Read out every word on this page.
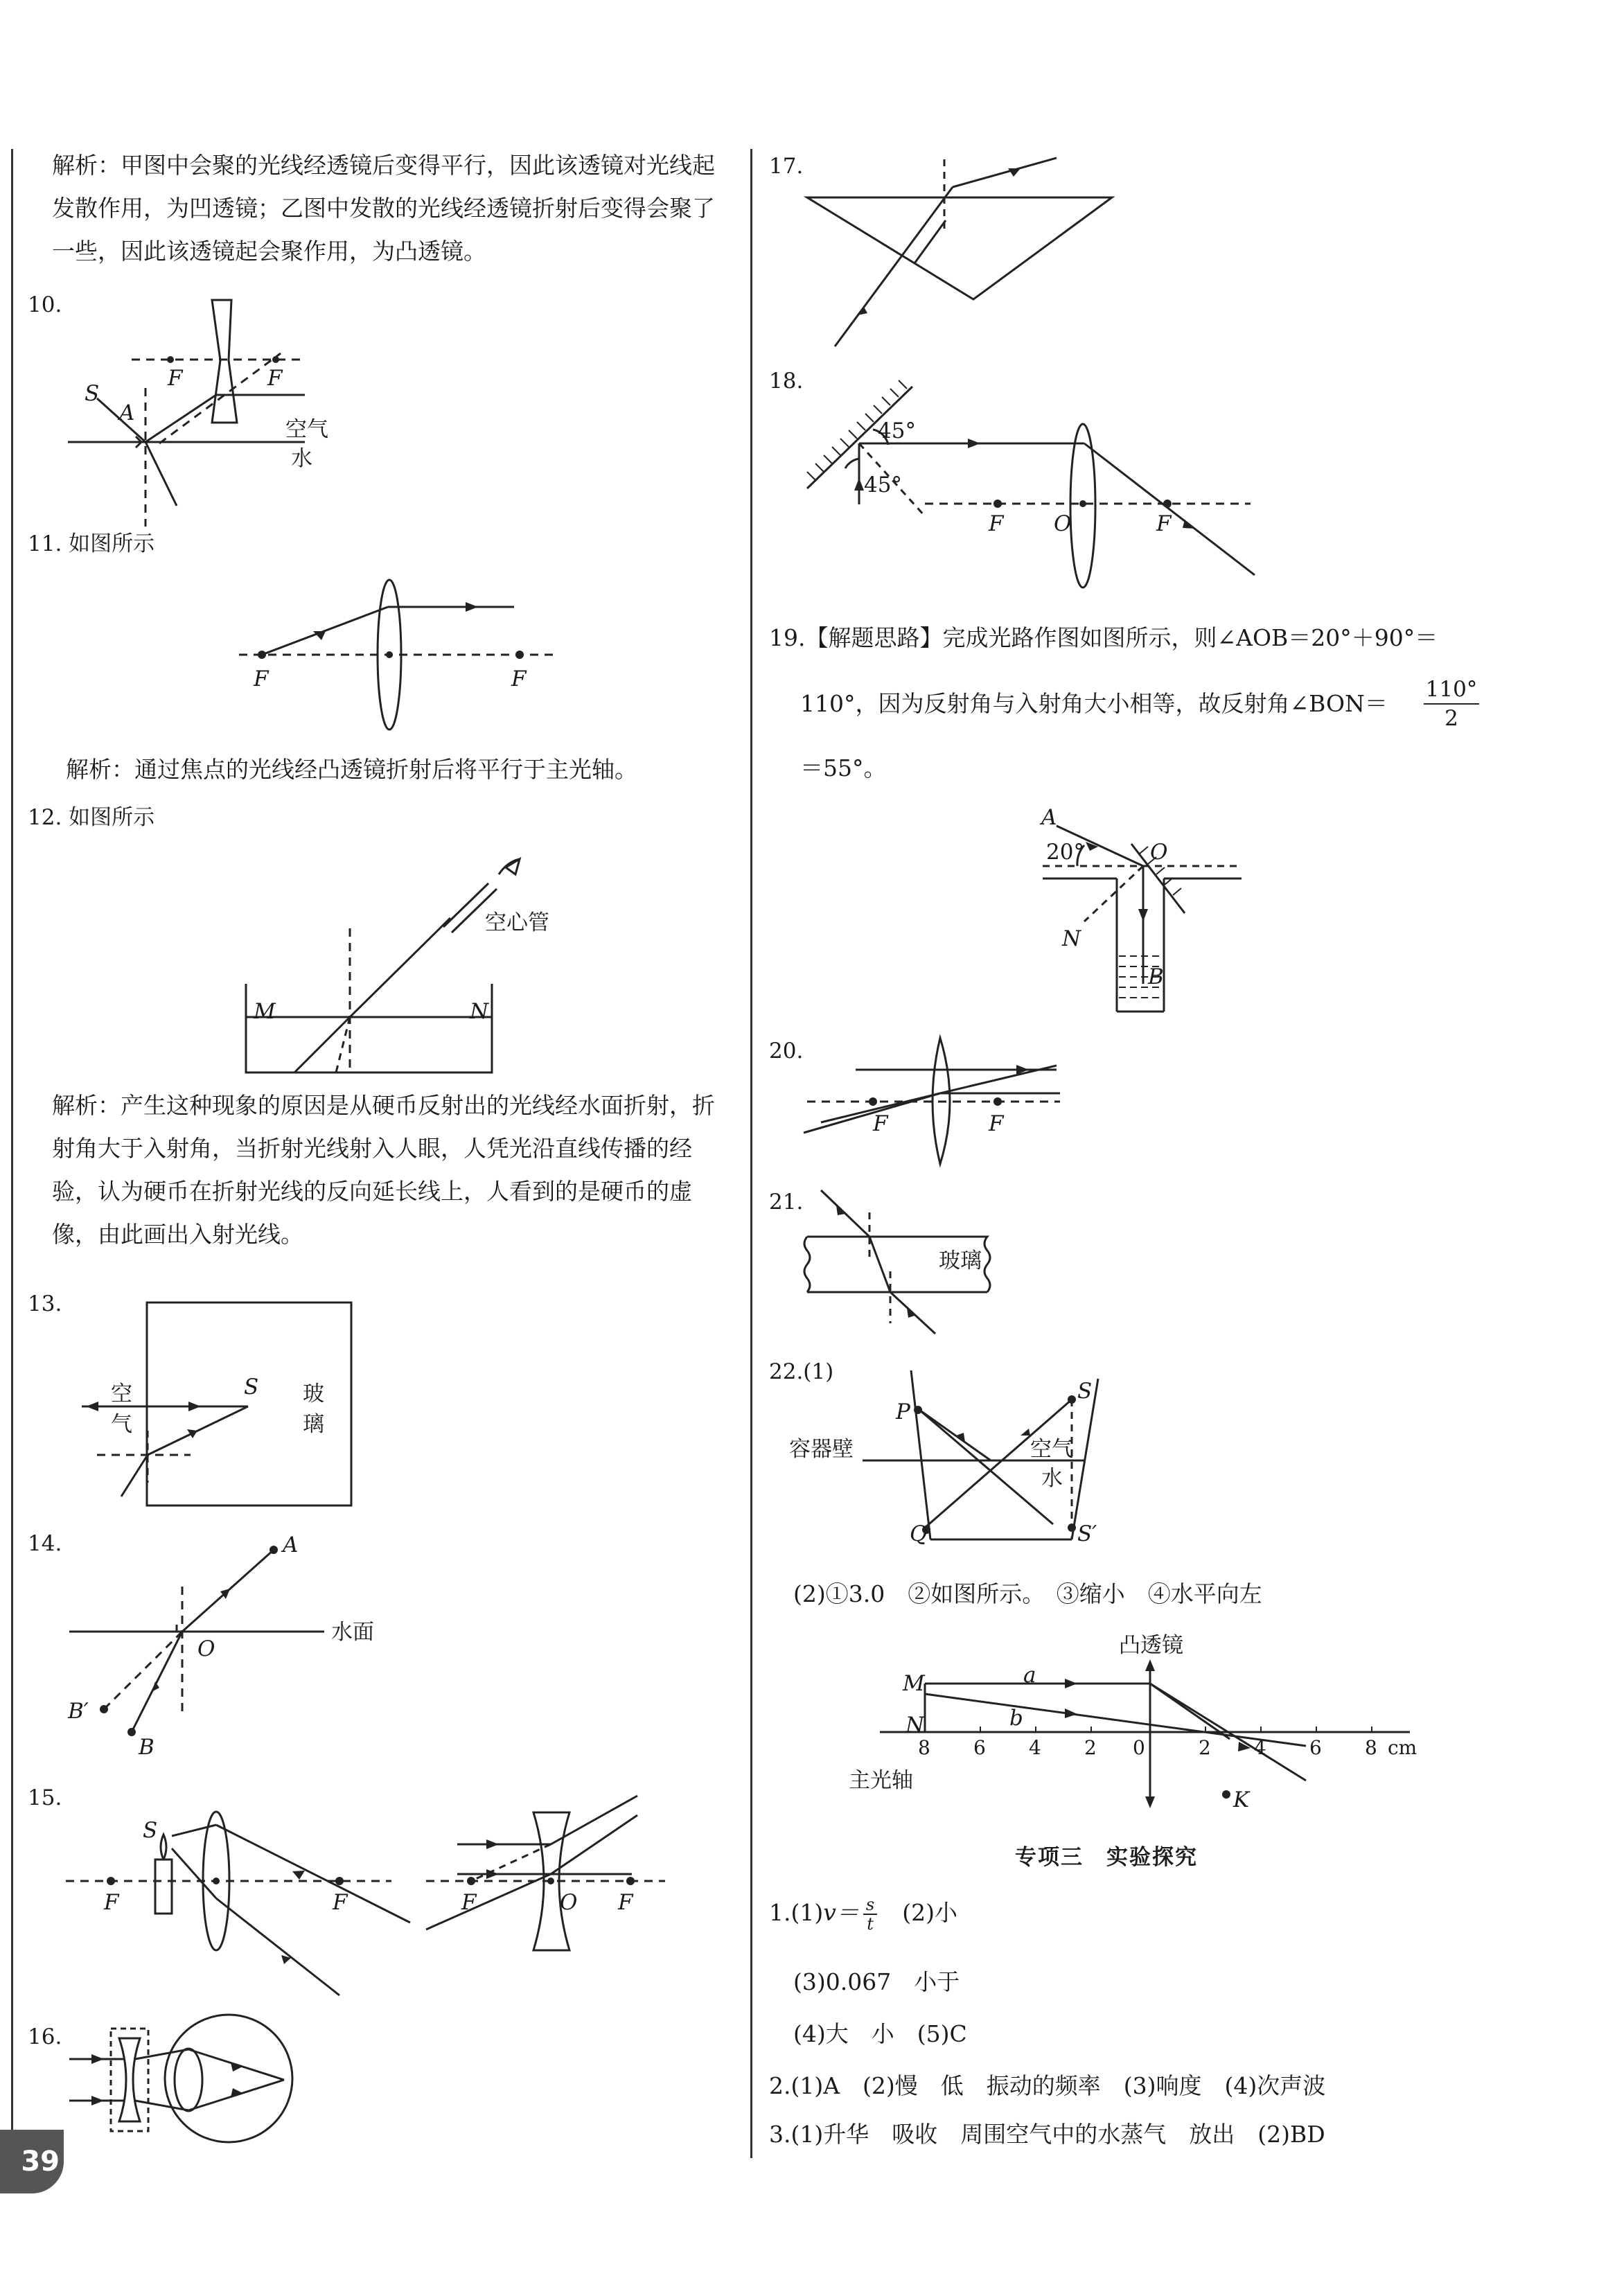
解析：甲图中会聚的光线经透镜后变得平行，因此该透镜对光线起发散作用，为凹透镜；乙图中发散的光线经透镜折射后变得会聚了一些，因此该透镜起会聚作用，为凸透镜。
10.
S
A
F	F
空气
水
11. 如图所示
F	F
解析：通过焦点的光线经凸透镜折射后将平行于主光轴。
12. 如图所示
M	N
空心管
解析：产生这种现象的原因是从硬币反射出的光线经水面折射，折射角大于入射角，当折射光线射入人眼，人凭光沿直线传播的经验，认为硬币在折射光线的反向延长线上，人看到的是硬币的虚像，由此画出入射光线。
13.
S
空
气
玻
璃
14.	A
O
B
B′
水面
15.
S
F	F	F	O F
16.
39
17.
18.
45°
45°
F O	F
19.【解题思路】完成光路作图如图所示，则∠AOB＝20°＋90°＝
110°，因为反射角与入射角大小相等，故反射角∠BON＝	$\frac{110^\circ}{2}$
＝55°。
A
20°	O
N
B
20.
F	F
21.
玻璃
22.(1)
P
S
容器壁	空气
水
Q	S′
(2)①3.0　②如图所示。　③缩小　④水平向左
凸透镜
M
N
a
b
8 6 4 2 0	2 4 6 8 cm
主光轴
K
专项三　实验探究
$1.(1)v= \frac{s}{t} (2)$小
(3)0.067　小于
(4)大　小　(5)C
2.(1)A　(2)慢　低　振动的频率　(3)响度　(4)次声波
3.(1)升华　吸收　周围空气中的水蒸气　放出　(2)BD
